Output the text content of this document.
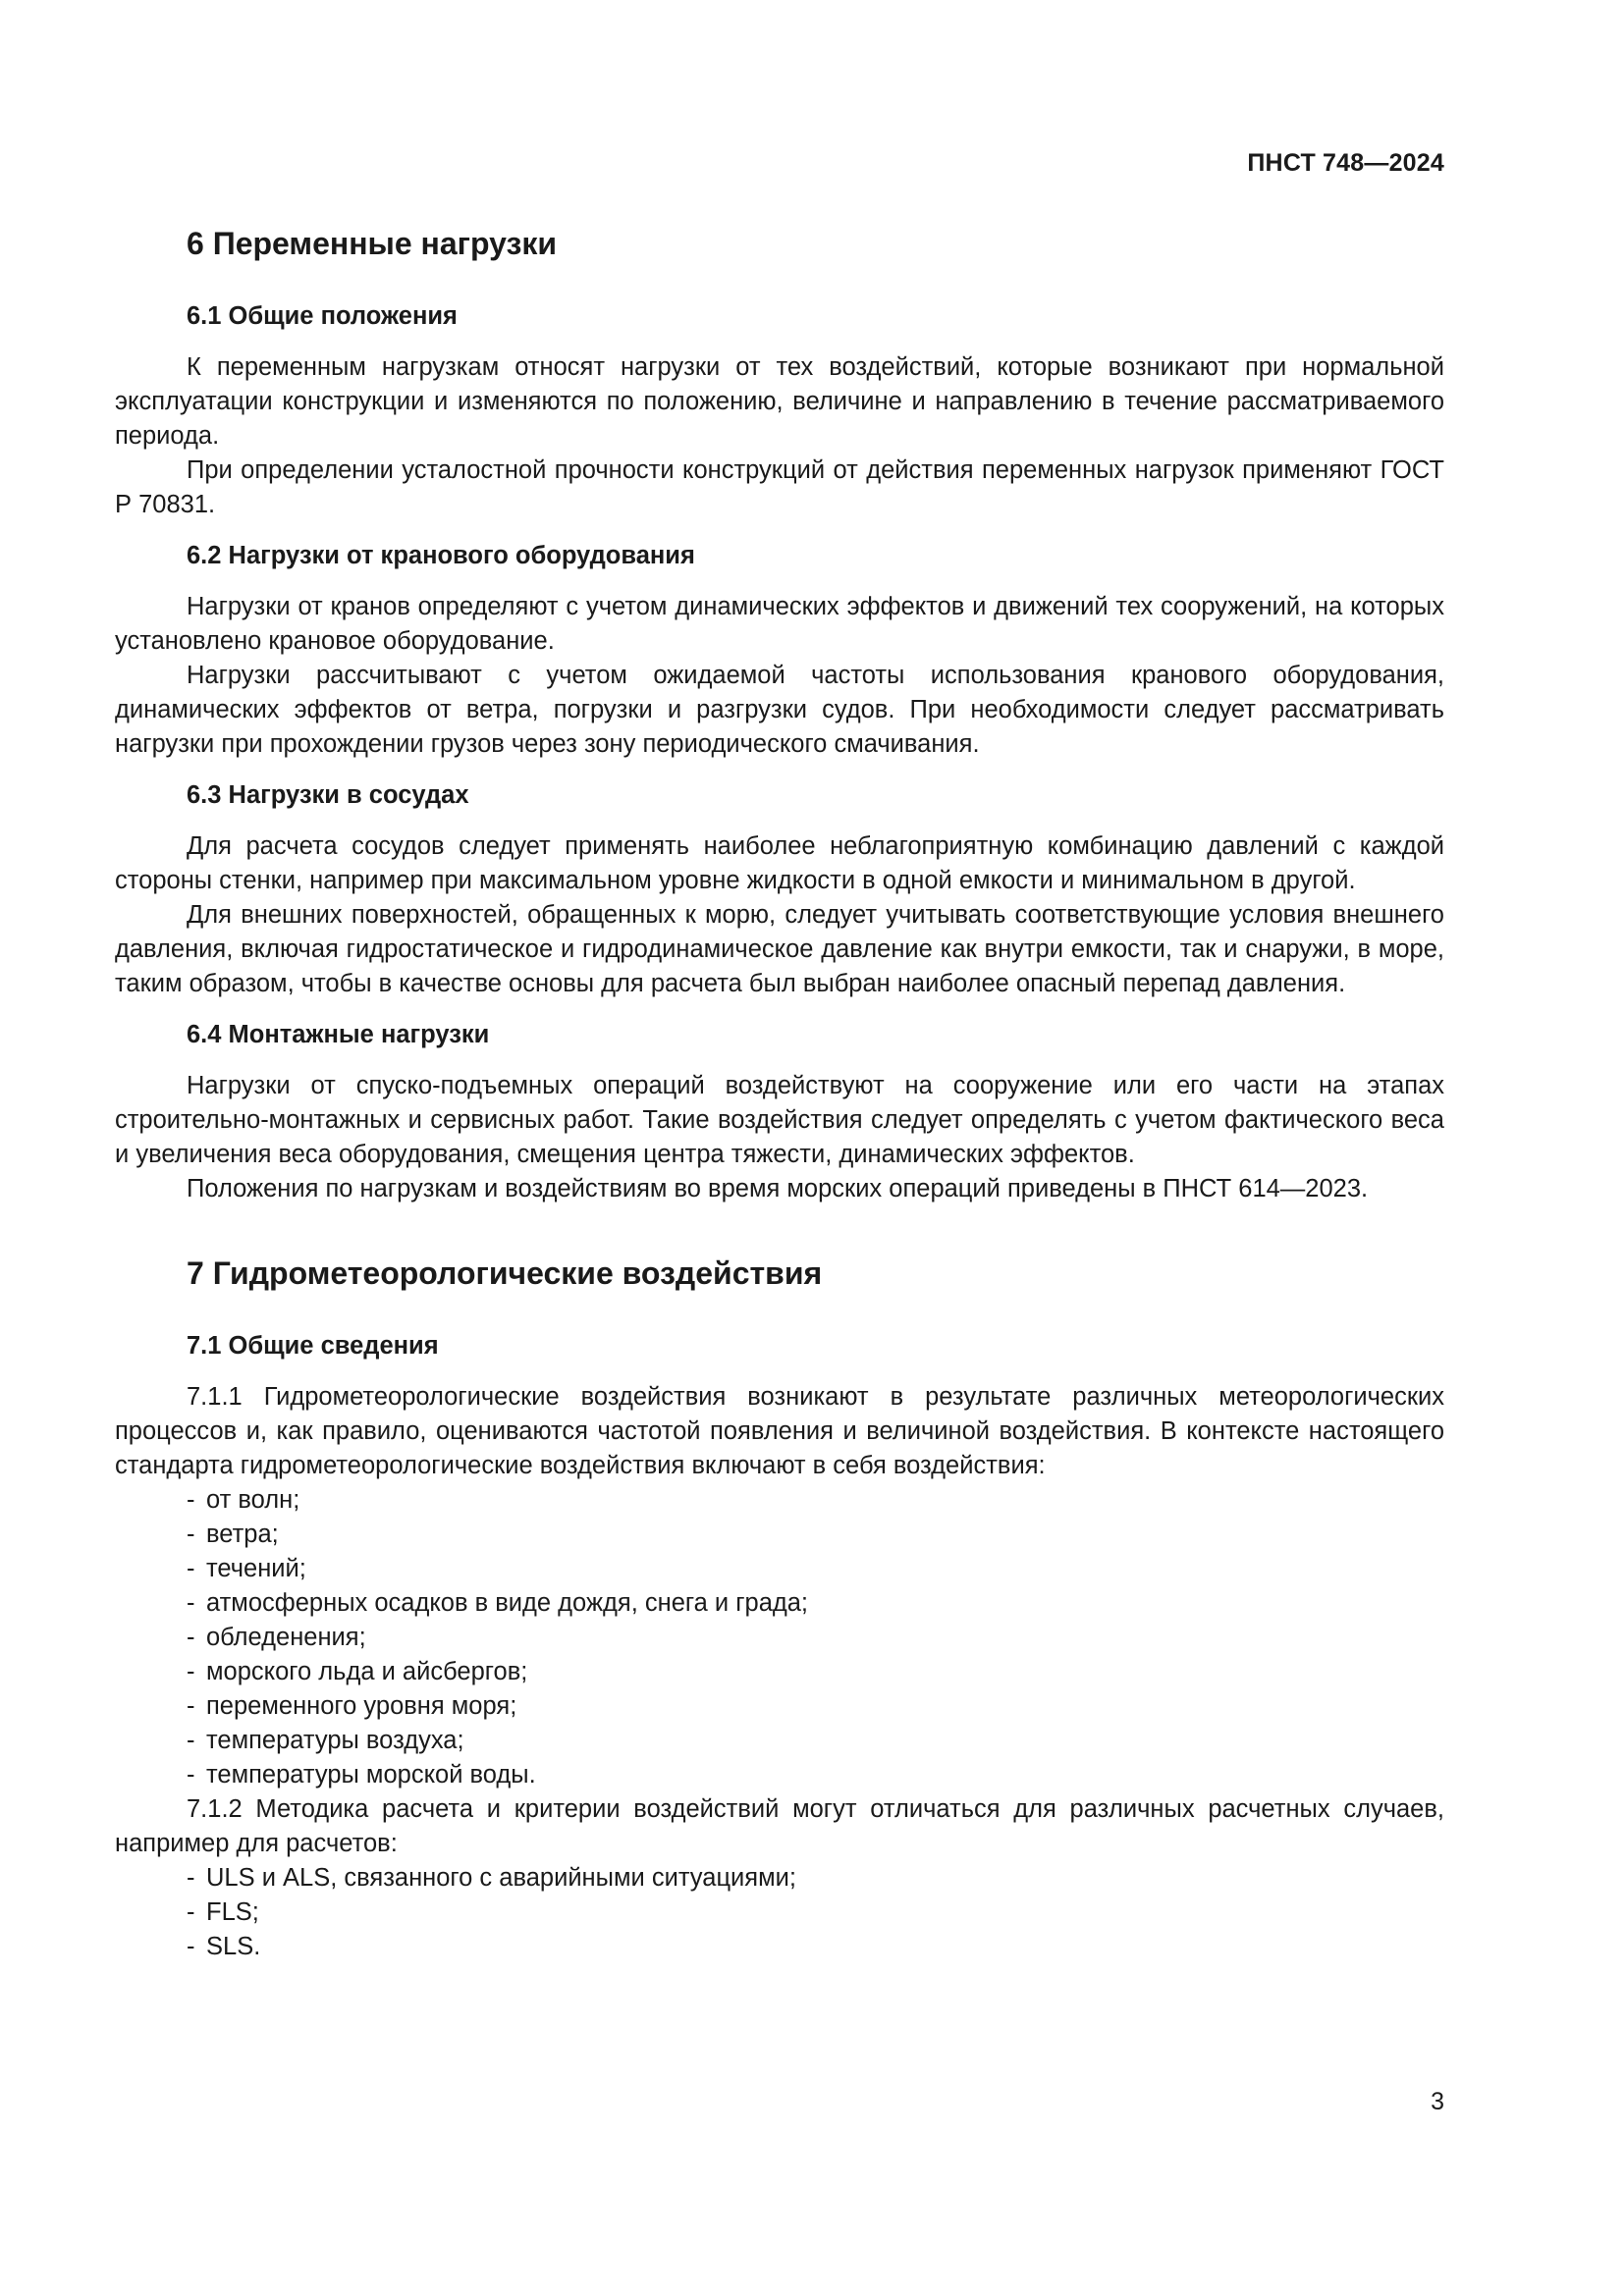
ПНСТ 748—2024
6 Переменные нагрузки
6.1 Общие положения

К переменным нагрузкам относят нагрузки от тех воздействий, которые возникают при нормальной эксплуатации конструкции и изменяются по положению, величине и направлению в течение рассматриваемого периода.

При определении усталостной прочности конструкций от действия переменных нагрузок применяют ГОСТ Р 70831.

6.2 Нагрузки от кранового оборудования

Нагрузки от кранов определяют с учетом динамических эффектов и движений тех сооружений, на которых установлено крановое оборудование.

Нагрузки рассчитывают с учетом ожидаемой частоты использования кранового оборудования, динамических эффектов от ветра, погрузки и разгрузки судов. При необходимости следует рассматривать нагрузки при прохождении грузов через зону периодического смачивания.

6.3 Нагрузки в сосудах

Для расчета сосудов следует применять наиболее неблагоприятную комбинацию давлений с каждой стороны стенки, например при максимальном уровне жидкости в одной емкости и минимальном в другой.

Для внешних поверхностей, обращенных к морю, следует учитывать соответствующие условия внешнего давления, включая гидростатическое и гидродинамическое давление как внутри емкости, так и снаружи, в море, таким образом, чтобы в качестве основы для расчета был выбран наиболее опасный перепад давления.

6.4 Монтажные нагрузки

Нагрузки от спуско-подъемных операций воздействуют на сооружение или его части на этапах строительно-монтажных и сервисных работ. Такие воздействия следует определять с учетом фактического веса и увеличения веса оборудования, смещения центра тяжести, динамических эффектов.

Положения по нагрузкам и воздействиям во время морских операций приведены в ПНСТ 614—2023.

7 Гидрометеорологические воздействия
7.1 Общие сведения

7.1.1 Гидрометеорологические воздействия возникают в результате различных метеорологических процессов и, как правило, оцениваются частотой появления и величиной воздействия. В контексте настоящего стандарта гидрометеорологические воздействия включают в себя воздействия:

- от волн;
- ветра;
- течений;
- атмосферных осадков в виде дождя, снега и града;
- обледенения;
- морского льда и айсбергов;
- переменного уровня моря;
- температуры воздуха;
- температуры морской воды.

7.1.2 Методика расчета и критерии воздействий могут отличаться для различных расчетных случаев, например для расчетов:

- ULS и ALS, связанного с аварийными ситуациями;
- FLS;
- SLS.
3
